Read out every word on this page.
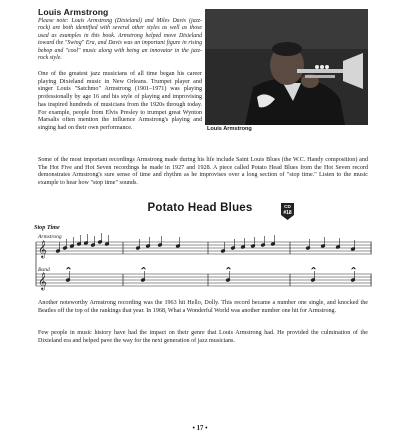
Louis Armstrong
Please note: Louis Armstrong (Dixieland) and Miles Davis (jazz-rock) are both identified with several other styles as well as those used as examples in this book. Armstrong helped move Dixieland toward the "Swing" Era, and Davis was an important figure in rising bebop and "cool" music along with being an innovator in the jazz-rock style.
One of the greatest jazz musicians of all time began his career playing Dixieland music in New Orleans. Trumpet player and singer Louis "Satchmo" Armstrong (1901–1971) was playing professionally by age 16 and his style of playing and improvising has inspired hundreds of musicians from the 1920s through today. For example, people from Elvis Presley to trumpet great Wynton Marsalis often mention the influence Armstrong's playing and singing had on their own performance.	Louis Armstrong
Some of the most important recordings Armstrong made during his life include Saint Louis Blues (the W.C. Handy composition) and The Hot Five and Hot Seven recordings he made in 1927 and 1928. A piece called Potato Head Blues from the Hot Seven record demonstrates Armstrong's sure sense of time and rhythm as he improvises over a long section of "stop time." Listen to the music example to hear how "stop time" sounds.
Potato Head Blues	CD
#18
Stop Time
Armstrong
Band
𝄞
𝄞
^	^	^	^	^
Another noteworthy Armstrong recording was the 1963 hit Hello, Dolly. This record became a number one single, and knocked the Beatles off the top of the rankings that year. In 1968, What a Wonderful World was another number one hit for Armstrong.
Few people in music history have had the impact on their genre that Louis Armstrong had. He provided the culmination of the Dixieland era and helped pave the way for the next generation of jazz musicians.
• 17 •
